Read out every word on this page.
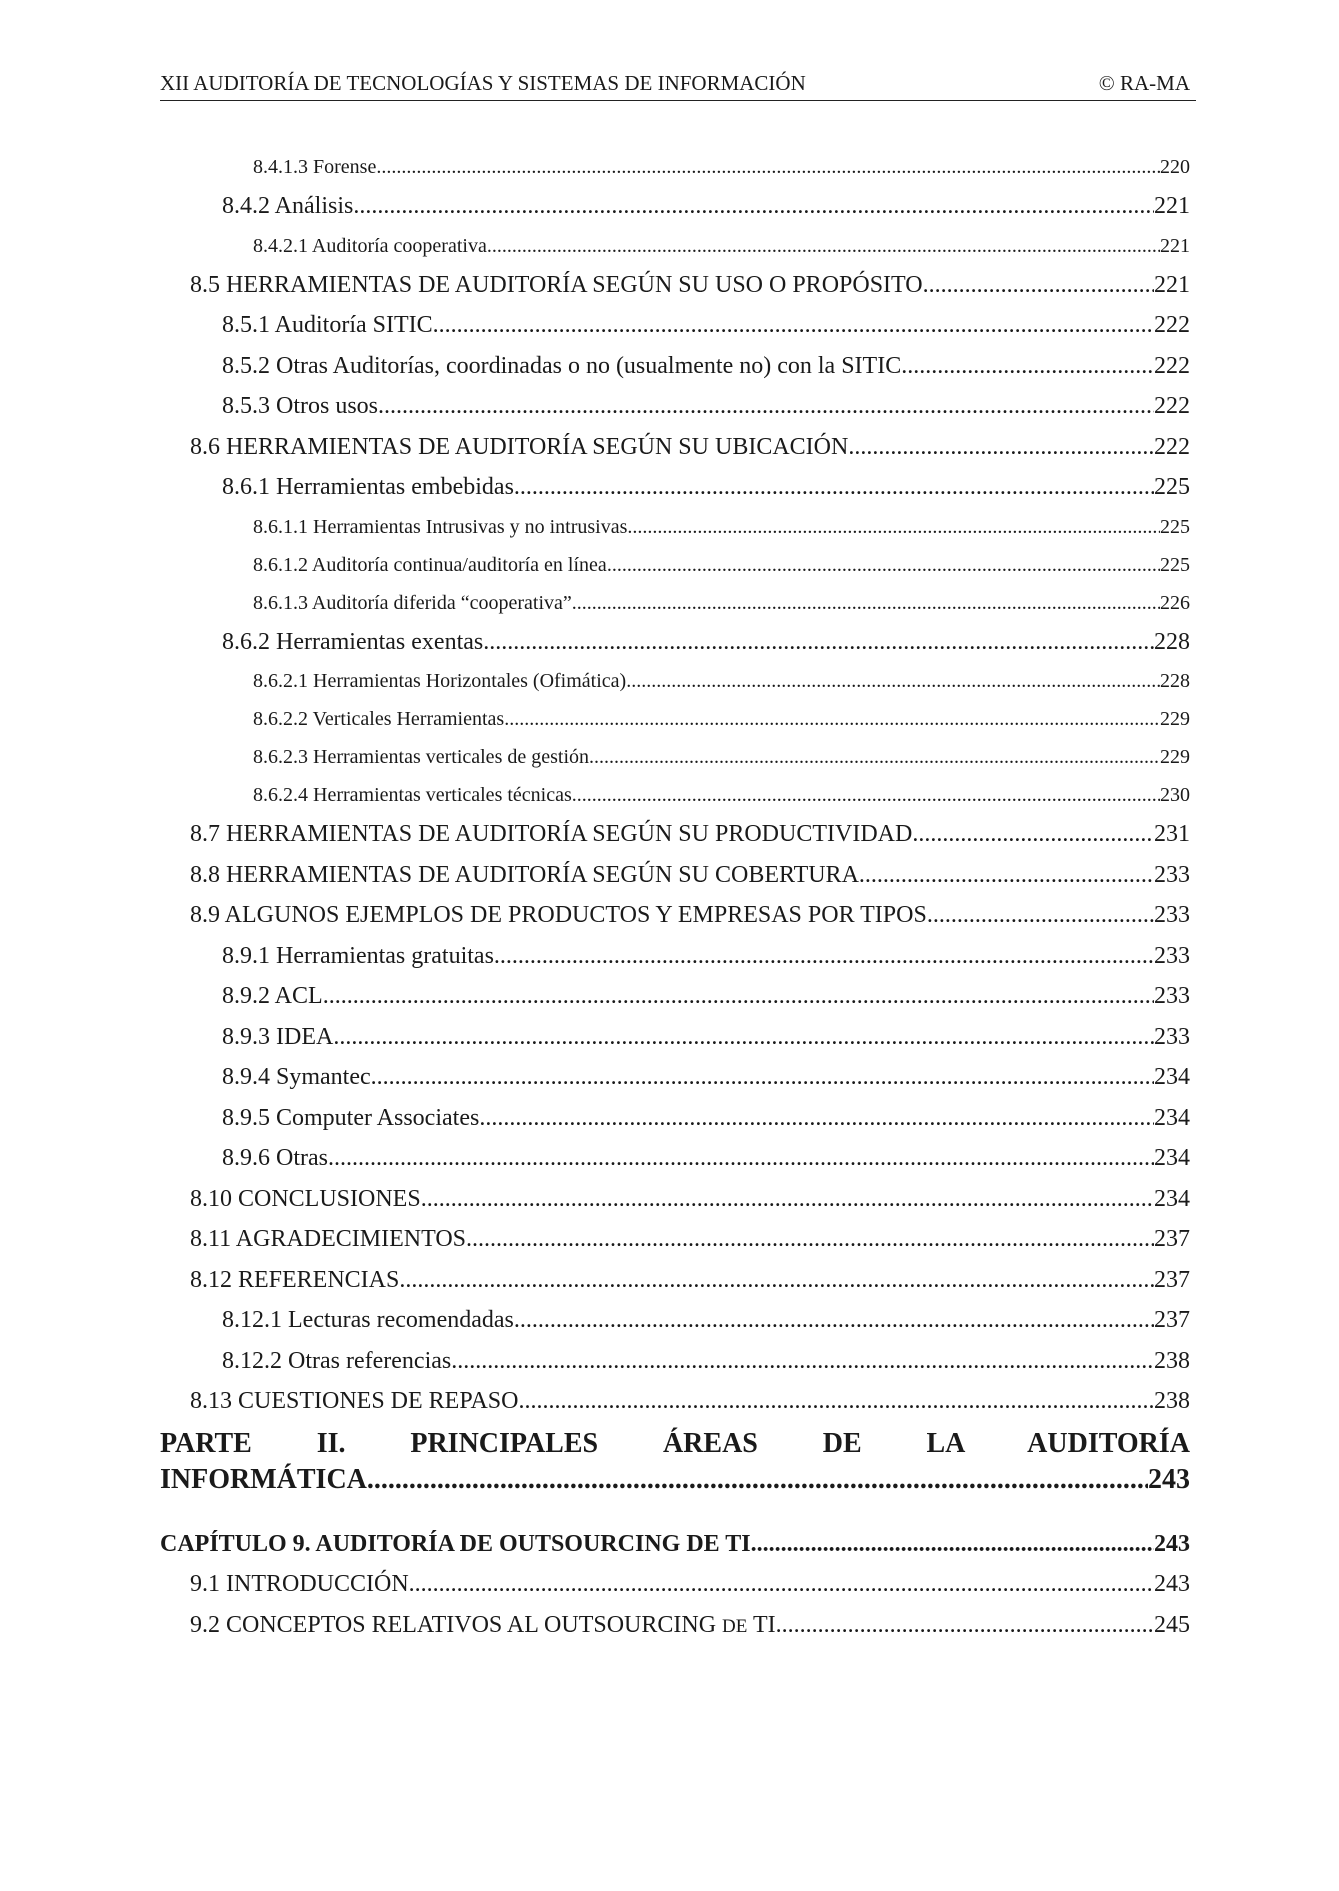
XII AUDITORÍA DE TECNOLOGÍAS Y SISTEMAS DE INFORMACIÓN	© RA-MA
8.4.1.3 Forense .....	220
8.4.2 Análisis .....	221
8.4.2.1 Auditoría cooperativa .....	221
8.5 HERRAMIENTAS DE AUDITORÍA SEGÚN SU USO O PROPÓSITO .....	221
8.5.1 Auditoría SITIC .....	222
8.5.2 Otras Auditorías, coordinadas o no (usualmente no) con la SITIC .....	222
8.5.3 Otros usos .....	222
8.6 HERRAMIENTAS DE AUDITORÍA SEGÚN SU UBICACIÓN .....	222
8.6.1 Herramientas embebidas .....	225
8.6.1.1 Herramientas Intrusivas y no intrusivas .....	225
8.6.1.2 Auditoría continua/auditoría en línea .....	225
8.6.1.3 Auditoría diferida “cooperativa” .....	226
8.6.2 Herramientas exentas .....	228
8.6.2.1 Herramientas Horizontales (Ofimática) .....	228
8.6.2.2 Verticales Herramientas .....	229
8.6.2.3 Herramientas verticales de gestión .....	229
8.6.2.4 Herramientas verticales técnicas .....	230
8.7 HERRAMIENTAS DE AUDITORÍA SEGÚN SU PRODUCTIVIDAD .....	231
8.8 HERRAMIENTAS DE AUDITORÍA SEGÚN SU COBERTURA .....	233
8.9 ALGUNOS EJEMPLOS DE PRODUCTOS Y EMPRESAS POR TIPOS .....	233
8.9.1 Herramientas gratuitas .....	233
8.9.2 ACL .....	233
8.9.3 IDEA .....	233
8.9.4 Symantec .....	234
8.9.5 Computer Associates .....	234
8.9.6 Otras .....	234
8.10 CONCLUSIONES .....	234
8.11 AGRADECIMIENTOS .....	237
8.12 REFERENCIAS .....	237
8.12.1 Lecturas recomendadas .....	237
8.12.2 Otras referencias .....	238
8.13 CUESTIONES DE REPASO .....	238
PARTE II. PRINCIPALES ÁREAS DE LA AUDITORÍA
INFORMÁTICA .....	243
CAPÍTULO 9. AUDITORÍA DE OUTSOURCING DE TI .....	243
9.1 INTRODUCCIÓN .....	243
9.2 CONCEPTOS RELATIVOS AL OUTSOURCING DE TI .....	245
